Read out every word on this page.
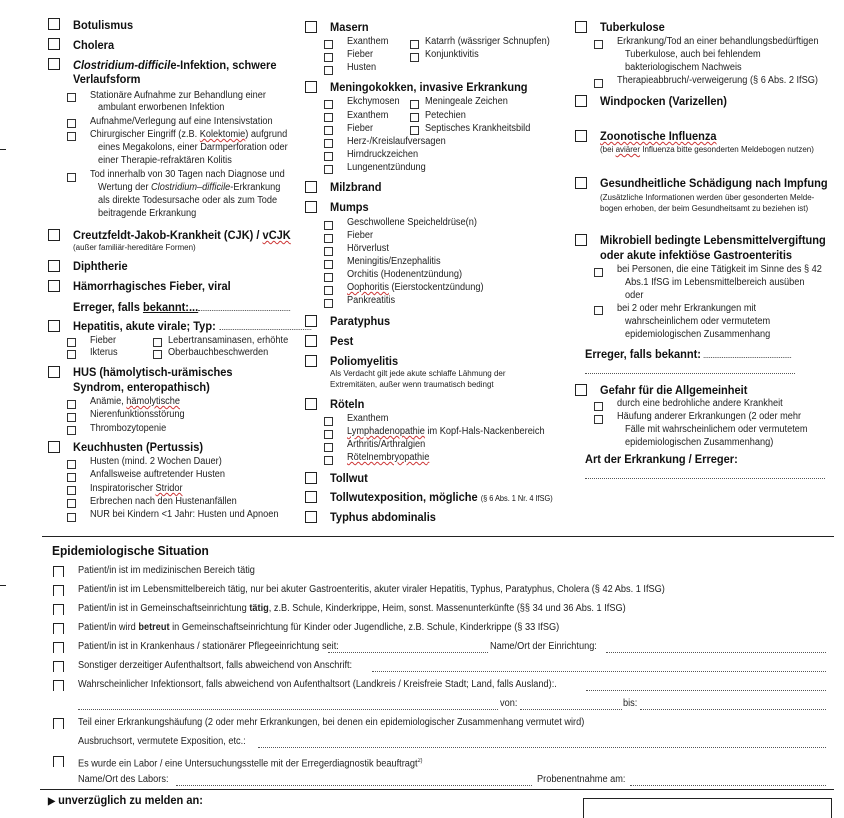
Botulismus
Cholera
Clostridium-difficile-Infektion, schwere
Verlaufsform
Stationäre Aufnahme zur Behandlung einer
ambulant erworbenen Infektion
Aufnahme/Verlegung auf eine Intensivstation
Chirurgischer Eingriff (z.B. Kolektomie) aufgrund
eines Megakolons, einer Darmperforation oder
einer Therapie-refraktären Kolitis
Tod innerhalb von 30 Tagen nach Diagnose und
Wertung der Clostridium–difficile-Erkrankung
als direkte Todesursache oder als zum Tode
beitragende Erkrankung
Creutzfeldt-Jakob-Krankheit (CJK) / vCJK
(außer familiär-hereditäre Formen)
Diphtherie
Hämorrhagisches Fieber, viral
Erreger, falls bekannt:...
Hepatitis, akute virale; Typ:
Fieber
Ikterus
Lebertransaminasen, erhöhte
Oberbauchbeschwerden
HUS (hämolytisch-urämisches
Syndrom, enteropathisch)
Anämie, hämolytische
Nierenfunktionsstörung
Thrombozytopenie
Keuchhusten (Pertussis)
Husten (mind. 2 Wochen Dauer)
Anfallsweise auftretender Husten
Inspiratorischer Stridor
Erbrechen nach den Hustenanfällen
NUR bei Kindern <1 Jahr: Husten und Apnoen
Masern
Exanthem
Fieber
Husten
Katarrh (wässriger Schnupfen)
Konjunktivitis
Meningokokken, invasive Erkrankung
Ekchymosen
Exanthem
Fieber
Herz-/Kreislaufversagen
Hirndruckzeichen
Lungenentzündung
Meningeale Zeichen
Petechien
Septisches Krankheitsbild
Milzbrand
Mumps
Geschwollene Speicheldrüse(n)
Fieber
Hörverlust
Meningitis/Enzephalitis
Orchitis (Hodenentzündung)
Oophoritis (Eierstockentzündung)
Pankreatitis
Paratyphus
Pest
Poliomyelitis
Als Verdacht gilt jede akute schlaffe Lähmung der
Extremitäten, außer wenn traumatisch bedingt
Röteln
Exanthem
Lymphadenopathie im Kopf-Hals-Nackenbereich
Arthritis/Arthralgien
Rötelnembryopathie
Tollwut
Tollwutexposition, mögliche (§ 6 Abs. 1 Nr. 4 IfSG)
Typhus abdominalis
Tuberkulose
Erkrankung/Tod an einer behandlungsbedürftigen
Tuberkulose, auch bei fehlendem
bakteriologischem Nachweis
Therapieabbruch/-verweigerung (§ 6 Abs. 2 IfSG)
Windpocken (Varizellen)
Zoonotische Influenza
(bei aviärer Influenza bitte gesonderten Meldebogen nutzen)
Gesundheitliche Schädigung nach Impfung
(Zusätzliche Informationen werden über gesonderten Melde-
bogen erhoben, der beim Gesundheitsamt zu beziehen ist)
Mikrobiell bedingte Lebensmittelvergiftung
oder akute infektiöse Gastroenteritis
bei Personen, die eine Tätigkeit im Sinne des § 42
Abs.1 IfSG im Lebensmittelbereich ausüben
oder
bei 2 oder mehr Erkrankungen mit
wahrscheinlichem oder vermutetem
epidemiologischen Zusammenhang
Erreger, falls bekannt:
Gefahr für die Allgemeinheit
durch eine bedrohliche andere Krankheit
Häufung anderer Erkrankungen (2 oder mehr
Fälle mit wahrscheinlichem oder vermutetem
epidemiologischen Zusammenhang)
Art der Erkrankung / Erreger:
Epidemiologische Situation
Patient/in ist im medizinischen Bereich tätig
Patient/in ist im Lebensmittelbereich tätig, nur bei akuter Gastroenteritis, akuter viraler Hepatitis, Typhus, Paratyphus, Cholera (§ 42 Abs. 1 IfSG)
Patient/in ist in Gemeinschaftseinrichtung tätig, z.B. Schule, Kinderkrippe, Heim, sonst. Massenunterkünfte (§§ 34 und 36 Abs. 1 IfSG)
Patient/in wird betreut in Gemeinschaftseinrichtung für Kinder oder Jugendliche, z.B. Schule, Kinderkrippe (§ 33 IfSG)
Patient/in ist in Krankenhaus / stationärer Pflegeeinrichtung seit:	Name/Ort der Einrichtung:
Sonstiger derzeitiger Aufenthaltsort, falls abweichend von Anschrift:
Wahrscheinlicher Infektionsort, falls abweichend von Aufenthaltsort (Landkreis / Kreisfreie Stadt; Land, falls Ausland):.
von:	bis:
Teil einer Erkrankungshäufung (2 oder mehr Erkrankungen, bei denen ein epidemiologischer Zusammenhang vermutet wird)
Ausbruchsort, vermutete Exposition, etc.:
Es wurde ein Labor / eine Untersuchungsstelle mit der Erregerdiagnostik beauftragt$^{2)}$
Name/Ort des Labors:	Probenentnahme am:
▶ unverzüglich zu melden an:
